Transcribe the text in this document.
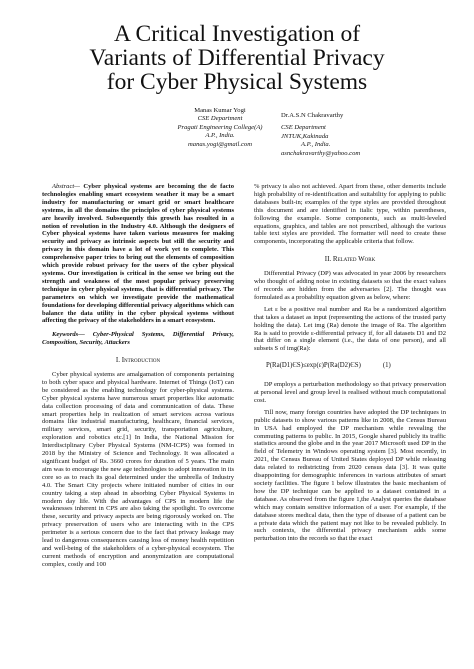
A Critical Investigation of
Variants of Differential Privacy
for Cyber Physical Systems
Manas Kumar Yogi
CSE Department
Pragati Engineering College(A)
A.P., India.
manas.yogi@gmail.com
Dr.A.S.N Chakravarthy
CSE Department
JNTUK,Kakinada
A.P., India.
asnchakravarthy@yahoo.com

Abstract— Cyber physical systems are becoming the de facto technologies enabling smart ecosystem weather it may be a smart industry for manufacturing or smart grid or smart healthcare systems, in all the domains the principles of cyber physical systems are heavily involved. Subsequently this growth has resulted in a notion of revolution in the Industry 4.0. Although the designers of Cyber physical systems have taken various measures for making security and privacy as intrinsic aspects but still the security and privacy in this domain have a lot of work yet to complete. This comprehensive paper tries to bring out the elements of composition which provide robust privacy for the users of the cyber physical systems. Our investigation is critical in the sense we bring out the strength and weakness of the most popular privacy preserving technique in cyber physical systems, that is differential privacy. The parameters on which we investigate provide the mathematical foundations for developing differential privacy algorithms which can balance the data utility in the cyber physical systems without affecting the privacy of the stakeholders in a smart ecosystem.

Keywords— Cyber-Physical Systems, Differential Privacy, Composition, Security, Attackers

I. Introduction

Cyber physical systems are amalgamation of components pertaining to both cyber space and physical hardware. Internet of Things (IoT) can be considered as the enabling technology for cyber-physical systems. Cyber physical systems have numerous smart properties like automatic data collection processing of data and communication of data. These smart properties help in realization of smart services across various domains like industrial manufacturing, healthcare, financial services, military services, smart grid, security, transportation agriculture, exploration and robotics etc.[1] In India, the National Mission for Interdisciplinary Cyber Physical Systems (NM-ICPS) was formed in 2018 by the Ministry of Science and Technology. It was allocated a significant budget of Rs. 3660 crores for duration of 5 years. The main aim was to encourage the new age technologies to adopt innovation in its core so as to reach its goal determined under the umbrella of Industry 4.0. The Smart City projects where initiated number of cities in our country taking a step ahead in absorbing Cyber Physical Systems in modern day life. With the advantages of CPS in modern life the weaknesses inherent in CPS are also taking the spotlight. To overcome these, security and privacy aspects are being rigorously worked on. The privacy preservation of users who are interacting with in the CPS perimeter is a serious concern due to the fact that privacy leakage may lead to dangerous consequences causing loss of money health repetition and well-being of the stakeholders of a cyber-physical ecosystem. The current methods of encryption and anonymization are computational complex, costly and 100

% privacy is also not achieved. Apart from these, other demerits include high probability of re-identification and suitability for applying to public databases built-in; examples of the type styles are provided throughout this document and are identified in italic type, within parentheses, following the example. Some components, such as multi-leveled equations, graphics, and tables are not prescribed, although the various table text styles are provided. The formatter will need to create these components, incorporating the applicable criteria that follow.

II. Related Work

Differential Privacy (DP) was advocated in year 2006 by researchers who thought of adding noise in existing datasets so that the exact values of records are hidden from the adversaries [2]. The thought was formulated as a probability equation given as below, where:

Let ε be a positive real number and Ra be a randomized algorithm that takes a dataset as input (representing the actions of the trusted party holding the data). Let img (Ra) denote the image of Ra. The algorithm Ra is said to provide ε-differential privacy if, for all datasets D1 and D2 that differ on a single element (i.e., the data of one person), and all subsets S of img(Ra):

P(Ra(D1)ЄS)≤exp(ε)P(Ra(D2)ЄS)	(1)

DP employs a perturbation methodology so that privacy preservation at personal level and group level is realised without much computational cost.

Till now, many foreign countries have adopted the DP techniques in public datasets to show various patterns like in 2008, the Census Bureau in USA had employed the DP mechanism while revealing the commuting patterns to public. In 2015, Google shared publicly its traffic statistics around the globe and in the year 2017 Microsoft used DP in the field of Telemetry in Windows operating system [3]. Most recently, in 2021, the Census Bureau of United States deployed DP while releasing data related to redistricting from 2020 census data [3]. It was quite disappointing for demographic inferences in various attributes of smart society facilities. The figure 1 below illustrates the basic mechanism of how the DP technique can be applied to a dataset contained in a database. As observed from the figure 1,the Analyst queries the database which may contain sensitive information of a user. For example, if the database stores medical data, then the type of disease of a patient can be a private data which the patient may not like to be revealed publicly. In such contexts, the differential privacy mechanism adds some perturbation into the records so that the exact
